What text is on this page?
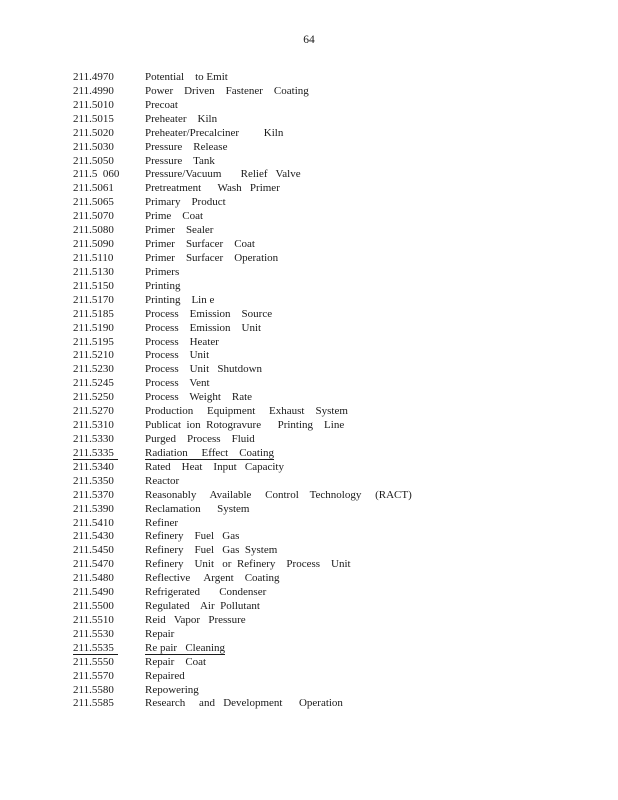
64
211.4970	Potential    to Emit
211.4990	Power    Driven    Fastener    Coating
211.5010	Precoat
211.5015	Preheater    Kiln
211.5020	Preheater/Precalciner         Kiln
211.5030	Pressure    Release
211.5050	Pressure    Tank
211.5  060	Pressure/Vacuum       Relief   Valve
211.5061	Pretreatment      Wash   Primer
211.5065	Primary    Product
211.5070	Prime    Coat
211.5080	Primer    Sealer
211.5090	Primer    Surfacer    Coat
211.5110	Primer    Surfacer    Operation
211.5130	Primers
211.5150	Printing
211.5170	Printing    Lin e
211.5185	Process    Emission    Source
211.5190	Process    Emission    Unit
211.5195	Process    Heater
211.5210	Process    Unit
211.5230	Process    Unit   Shutdown
211.5245	Process    Vent
211.5250	Process    Weight    Rate
211.5270	Production     Equipment     Exhaust    System
211.5310	Publicat  ion  Rotogravure      Printing    Line
211.5330	Purged    Process    Fluid
211.5335	Radiation     Effect    Coating
211.5340	Rated    Heat    Input   Capacity
211.5350	Reactor
211.5370	Reasonably     Available     Control    Technology     (RACT)
211.5390	Reclamation      System
211.5410	Refiner
211.5430	Refinery    Fuel   Gas
211.5450	Refinery    Fuel   Gas  System
211.5470	Refinery    Unit   or  Refinery    Process    Unit
211.5480	Reflective     Argent    Coating
211.5490	Refrigerated       Condenser
211.5500	Regulated    Air  Pollutant
211.5510	Reid   Vapor   Pressure
211.5530	Repair
211.5535	Re pair   Cleaning
211.5550	Repair    Coat
211.5570	Repaired
211.5580	Repowering
211.5585	Research     and   Development      Operation
